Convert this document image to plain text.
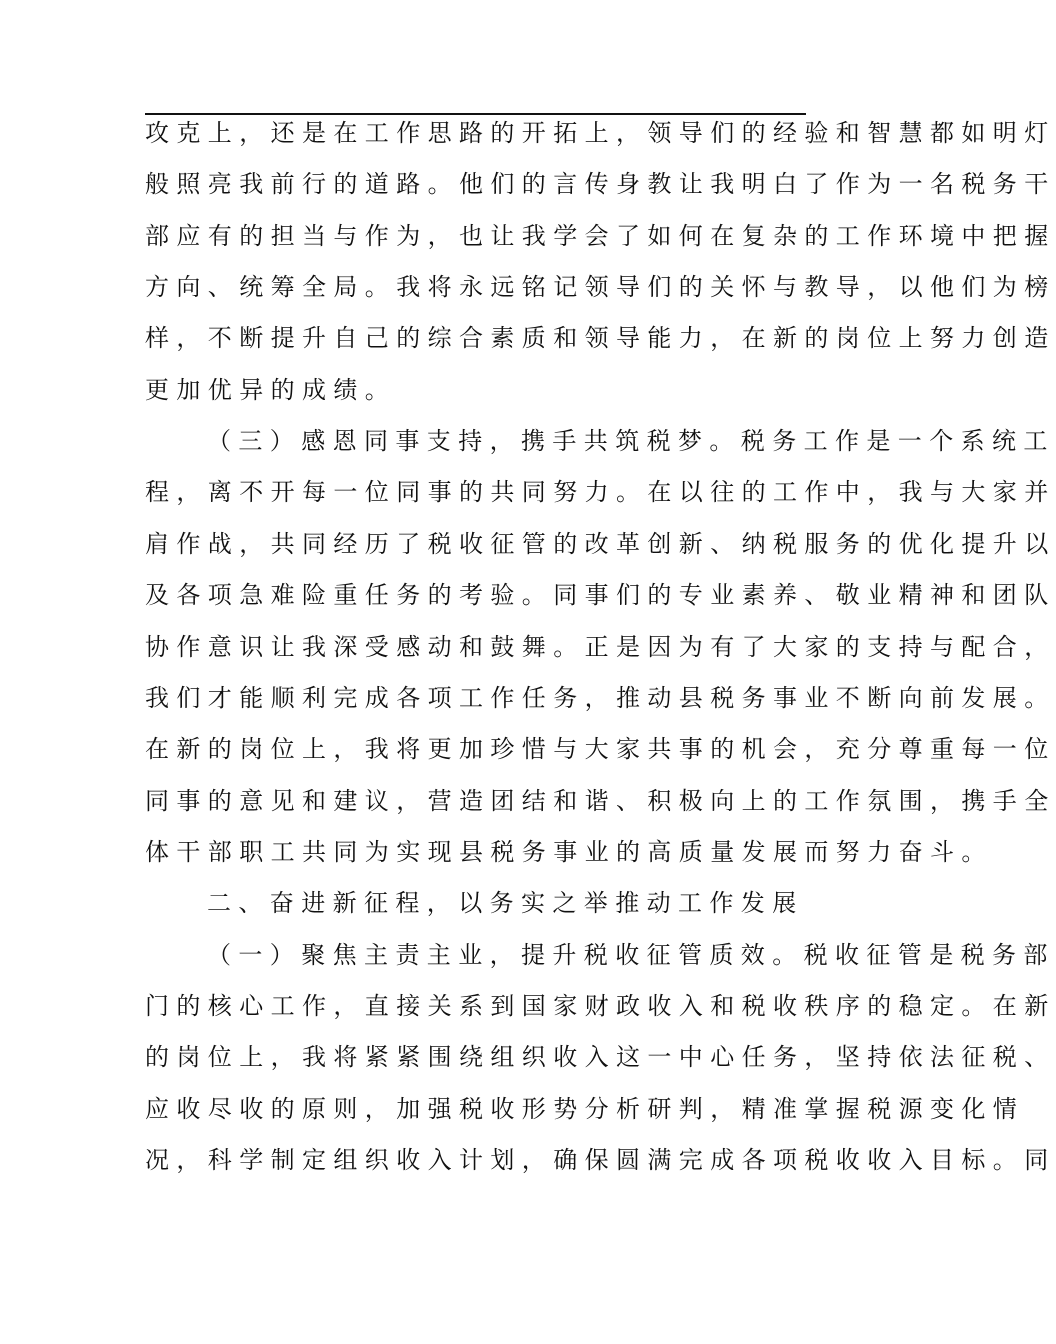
攻克上，还是在工作思路的开拓上，领导们的经验和智慧都如明灯
般照亮我前行的道路。他们的言传身教让我明白了作为一名税务干
部应有的担当与作为，也让我学会了如何在复杂的工作环境中把握
方向、统筹全局。我将永远铭记领导们的关怀与教导，以他们为榜
样，不断提升自己的综合素质和领导能力，在新的岗位上努力创造
更加优异的成绩。
（三）感恩同事支持，携手共筑税梦。税务工作是一个系统工
程，离不开每一位同事的共同努力。在以往的工作中，我与大家并
肩作战，共同经历了税收征管的改革创新、纳税服务的优化提升以
及各项急难险重任务的考验。同事们的专业素养、敬业精神和团队
协作意识让我深受感动和鼓舞。正是因为有了大家的支持与配合，
我们才能顺利完成各项工作任务，推动县税务事业不断向前发展。
在新的岗位上，我将更加珍惜与大家共事的机会，充分尊重每一位
同事的意见和建议，营造团结和谐、积极向上的工作氛围，携手全
体干部职工共同为实现县税务事业的高质量发展而努力奋斗。
二、奋进新征程，以务实之举推动工作发展
（一）聚焦主责主业，提升税收征管质效。税收征管是税务部
门的核心工作，直接关系到国家财政收入和税收秩序的稳定。在新
的岗位上，我将紧紧围绕组织收入这一中心任务，坚持依法征税、
应收尽收的原则，加强税收形势分析研判，精准掌握税源变化情
况，科学制定组织收入计划，确保圆满完成各项税收收入目标。同
